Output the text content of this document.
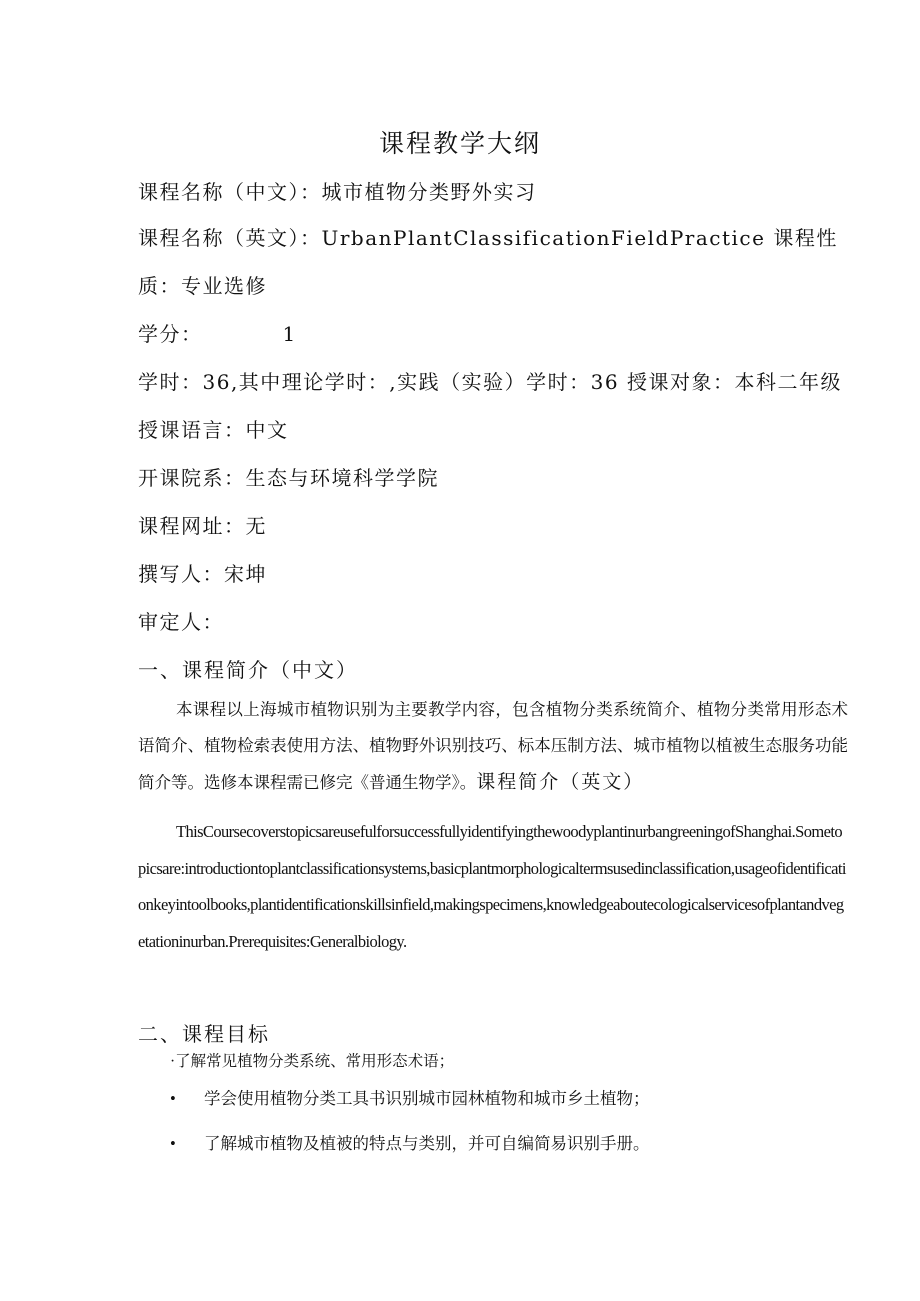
课程教学大纲
课程名称（中文）：城市植物分类野外实习
课程名称（英文）：UrbanPlantClassificationFieldPractice 课程性
质：专业选修
学分：	1
学时：36,其中理论学时：,实践（实验）学时：36 授课对象：本科二年级
授课语言：中文
开课院系：生态与环境科学学院
课程网址：无
撰写人：宋坤
审定人：
一、课程简介（中文）
本课程以上海城市植物识别为主要教学内容，包含植物分类系统简介、植物分类常用形态术语简介、植物检索表使用方法、植物野外识别技巧、标本压制方法、城市植物以植被生态服务功能简介等。选修本课程需已修完《普通生物学》。课程简介（英文）
ThisCoursecoverstopicsareusefulforsuccessfullyidentifyingthewoodyplantinurbangreeningofShanghai.Sometopicsare:introductiontoplantclassificationsystems,basicplantmorphologicaltermsusedinclassification,usageofidentificationkeyintoolbooks,plantidentificationskillsinfield,makingspecimens,knowledgeaboutecologicalservicesofplantandvegetationinurban.Prerequisites:Generalbiology.
二、课程目标
·了解常见植物分类系统、常用形态术语；
• 学会使用植物分类工具书识别城市园林植物和城市乡土植物；
• 了解城市植物及植被的特点与类别，并可自编简易识别手册。
